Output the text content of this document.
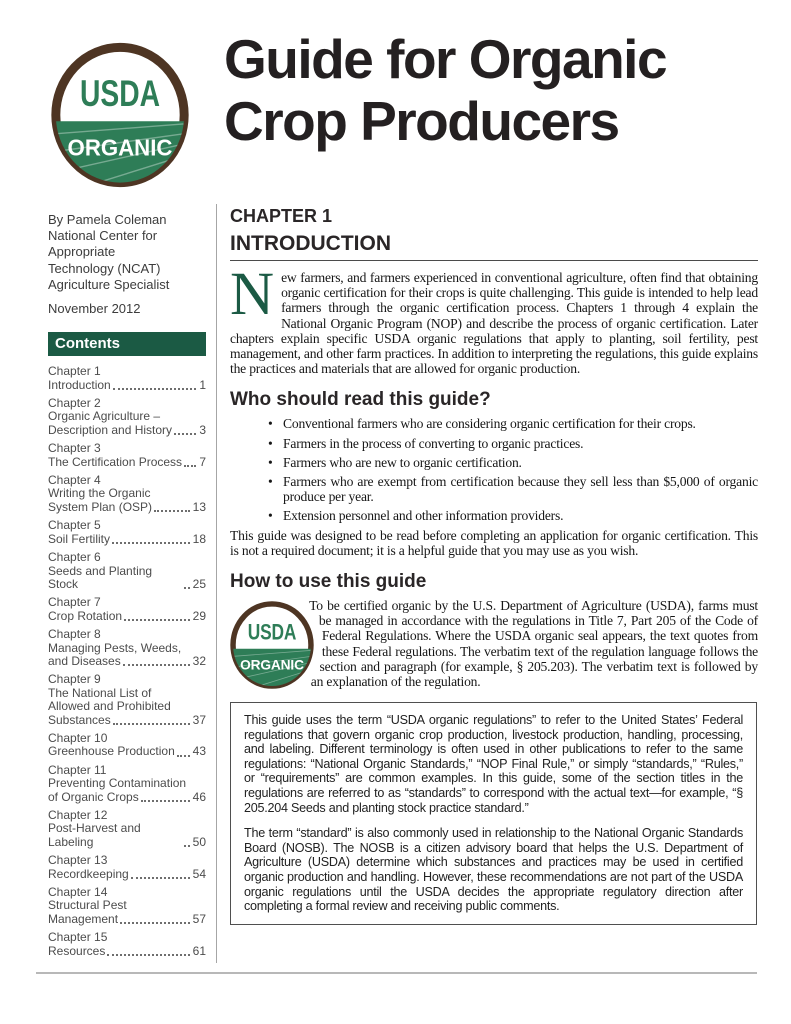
USDA
ORGANIC
Guide for Organic
Crop Producers
By Pamela Coleman
National Center for Appropriate
Technology (NCAT)
Agriculture Specialist
November 2012
Contents
Chapter 1
Introduction	1
Chapter 2
Organic Agriculture –
Description and History 3
Chapter 3
The Certification Process 7
Chapter 4
Writing the Organic
System Plan (OSP)	13
Chapter 5
Soil Fertility	18
Chapter 6
Seeds and Planting Stock	25
Chapter 7
Crop Rotation	29
Chapter 8
Managing Pests, Weeds,
and Diseases	32
Chapter 9
The National List of
Allowed and Prohibited
Substances	37
Chapter 10
Greenhouse Production 43
Chapter 11
Preventing Contamination
of Organic Crops	46
Chapter 12
Post-Harvest and Labeling	50
Chapter 13
Recordkeeping	54
Chapter 14
Structural Pest
Management	57
Chapter 15
Resources	61
CHAPTER 1
INTRODUCTION

New farmers, and farmers experienced in conventional agriculture, often find that obtaining organic certification for their crops is quite challenging. This guide is intended to help lead farmers through the organic certification process. Chapters 1 through 4 explain the National Organic Program (NOP) and describe the process of organic certification. Later chapters explain specific USDA organic regulations that apply to planting, soil fertility, pest management, and other farm practices. In addition to interpreting the regulations, this guide explains the practices and materials that are allowed for organic production.

Who should read this guide?
• Conventional farmers who are considering organic certification for their crops.
• Farmers in the process of converting to organic practices.
• Farmers who are new to organic certification.
• Farmers who are exempt from certification because they sell less than $5,000 of organic produce per year.
• Extension personnel and other information providers.

This guide was designed to be read before completing an application for organic certification. This is not a required document; it is a helpful guide that you may use as you wish.

How to use this guide

USDA
ORGANIC
To be certified organic by the U.S. Department of Agriculture (USDA), farms must be managed in accordance with the regulations in Title 7, Part 205 of the Code of Federal Regulations. Where the USDA organic seal appears, the text quotes from these Federal regulations. The verbatim text of the regulation language follows the section and paragraph (for example, § 205.203). The verbatim text is followed by an explanation of the regulation.

This guide uses the term “USDA organic regulations” to refer to the United States’ Federal regulations that govern organic crop production, livestock production, handling, processing, and labeling. Different terminology is often used in other publications to refer to the same regulations: “National Organic Standards,” “NOP Final Rule,” or simply “standards,” “Rules,” or “requirements” are common examples. In this guide, some of the section titles in the regulations are referred to as “standards” to correspond with the actual text—for example, “§ 205.204 Seeds and planting stock practice standard.”

The term “standard” is also commonly used in relationship to the National Organic Standards Board (NOSB). The NOSB is a citizen advisory board that helps the U.S. Department of Agriculture (USDA) determine which substances and practices may be used in certified organic production and handling. However, these recommendations are not part of the USDA organic regulations until the USDA decides the appropriate regulatory direction after completing a formal review and receiving public comments.
